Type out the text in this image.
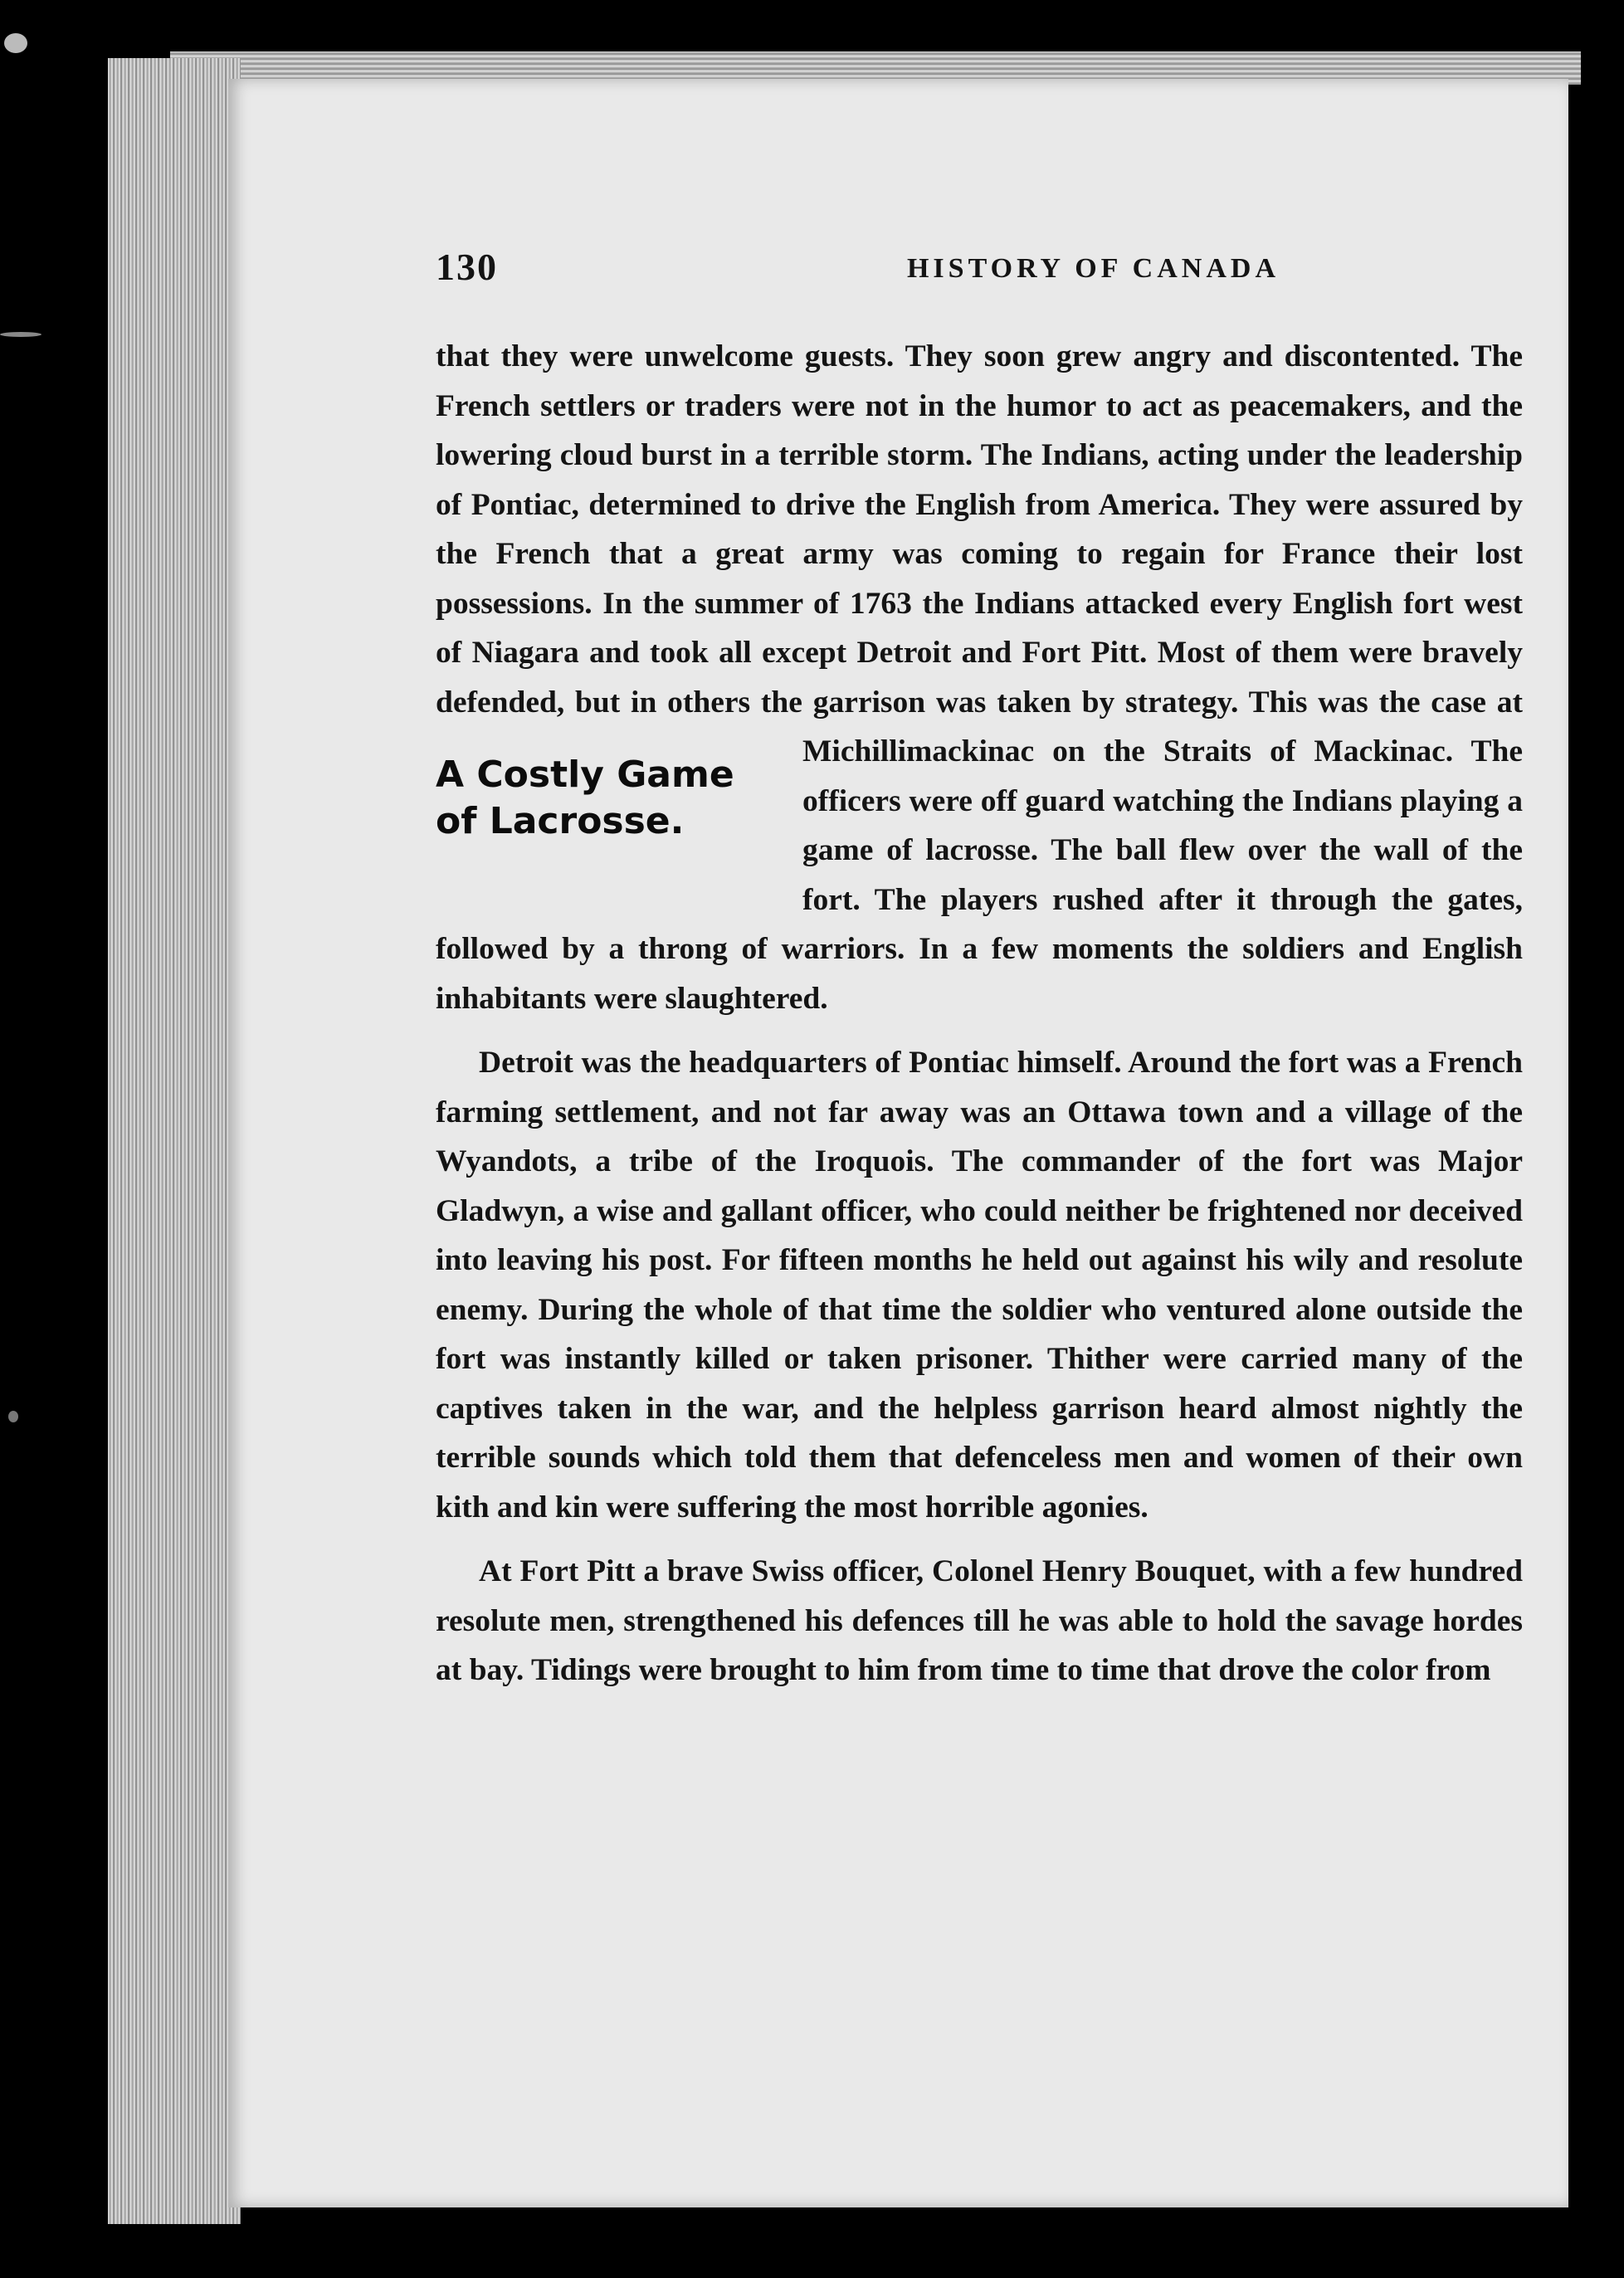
130	HISTORY OF CANADA

that they were unwelcome guests. They soon grew angry and discontented. The French settlers or traders were not in the humor to act as peacemakers, and the lowering cloud burst in a terrible storm. The Indians, acting under the leadership of Pontiac, determined to drive the English from America. They were assured by the French that a great army was coming to regain for France their lost possessions. In the summer of 1763 the Indians attacked every English fort west of Niagara and took all except Detroit and Fort Pitt. Most of them were bravely defended, but in others the garrison was taken by strategy. This was the case at Michillimackinac on the
A Costly Game
of Lacrosse.
Straits of Mackinac. The officers were off guard watching the Indians playing a game of lacrosse. The ball flew over the wall of the fort. The players rushed after it through the gates, followed by a throng of warriors. In a few moments the soldiers and English inhabitants were slaughtered.

Detroit was the headquarters of Pontiac himself. Around the fort was a French farming settlement, and not far away was an Ottawa town and a village of the Wyandots, a tribe of the Iroquois. The commander of the fort was Major Gladwyn, a wise and gallant officer, who could neither be frightened nor deceived into leaving his post. For fifteen months he held out against his wily and resolute enemy. During the whole of that time the soldier who ventured alone outside the fort was instantly killed or taken prisoner. Thither were carried many of the captives taken in the war, and the helpless garrison heard almost nightly the terrible sounds which told them that defenceless men and women of their own kith and kin were suffering the most horrible agonies.

At Fort Pitt a brave Swiss officer, Colonel Henry Bouquet, with a few hundred resolute men, strengthened his defences till he was able to hold the savage hordes at bay. Tidings were brought to him from time to time that drove the color from
